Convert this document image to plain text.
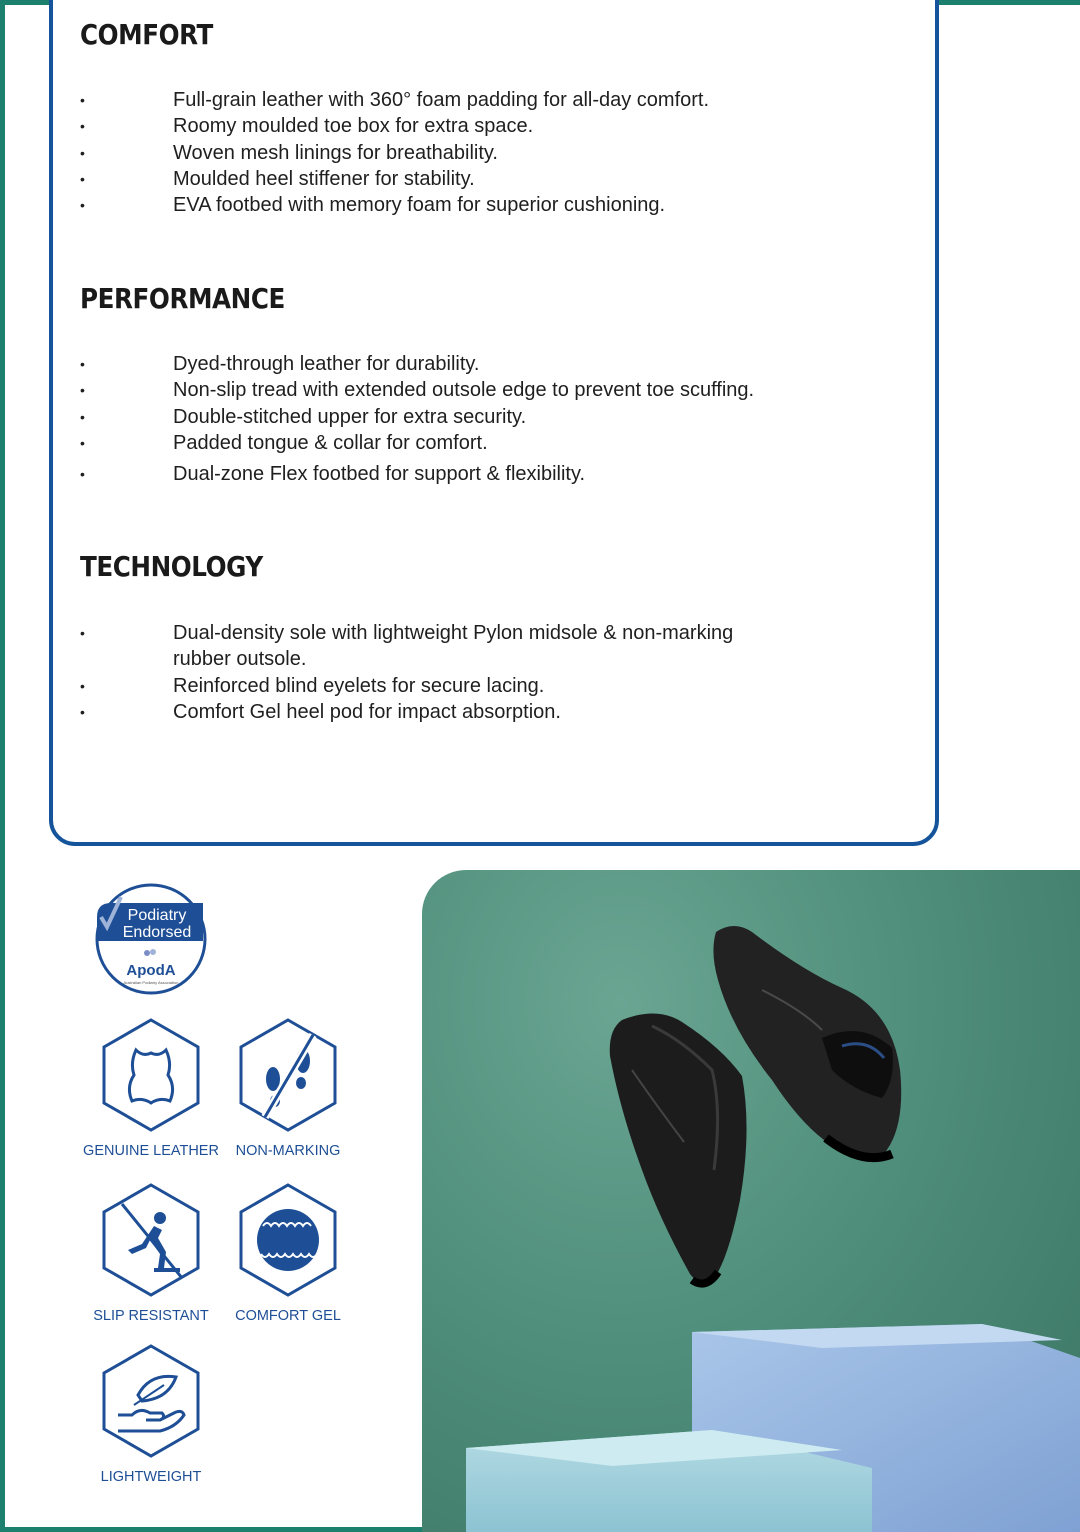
COMFORT
• Full-grain leather with 360° foam padding for all-day comfort.
• Roomy moulded toe box for extra space.
• Woven mesh linings for breathability.
• Moulded heel stiffener for stability.
• EVA footbed with memory foam for superior cushioning.
PERFORMANCE
• Dyed-through leather for durability.
• Non-slip tread with extended outsole edge to prevent toe scuffing.
• Double-stitched upper for extra security.
• Padded tongue & collar for comfort.
• Dual-zone Flex footbed for support & flexibility.
TECHNOLOGY
• Dual-density sole with lightweight Pylon midsole & non-marking rubber outsole.
• Reinforced blind eyelets for secure lacing.
• Comfort Gel heel pod for impact absorption.
Podiatry
Endorsed
ApodA
Australian Podiatry Association
GENUINE LEATHER	NON-MARKING
SLIP RESISTANT	COMFORT GEL
LIGHTWEIGHT
